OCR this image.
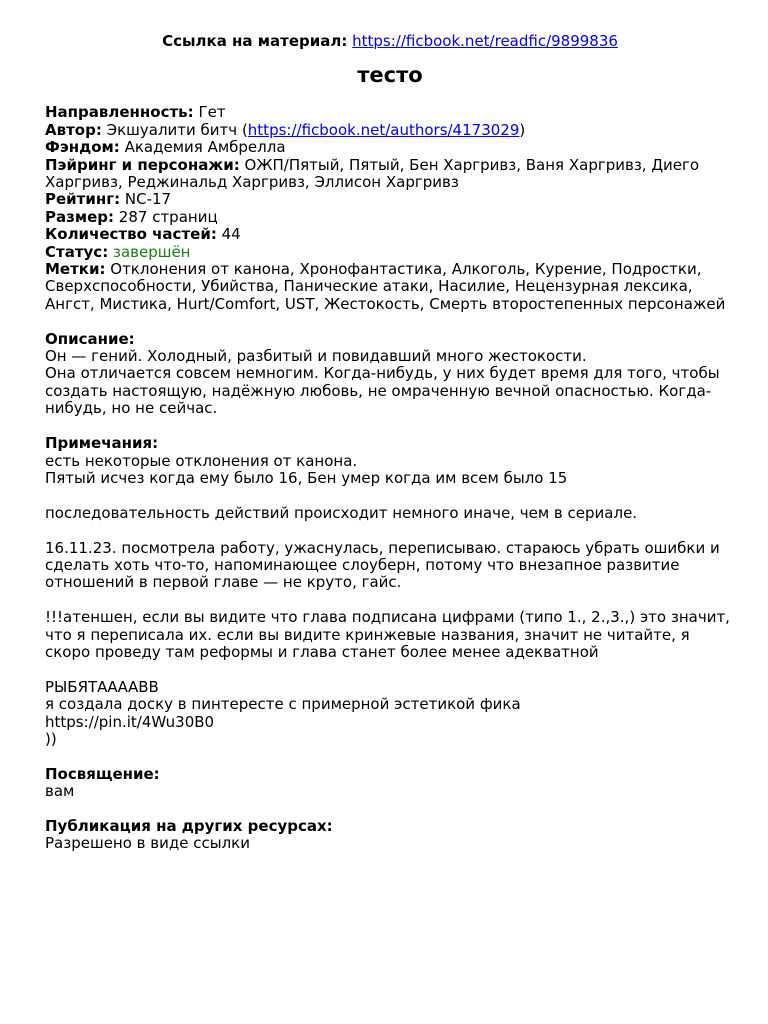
Ссылка на материал: https://ficbook.net/readfic/9899836

тесто

Направленность: Гет

Автор: Экшуалити битч (https://ficbook.net/authors/4173029)

Фэндом: Академия Амбрелла

Пэйринг и персонажи: ОЖП/Пятый, Пятый, Бен Харгривз, Ваня Харгривз, Диего Харгривз, Реджинальд Харгривз, Эллисон Харгривз

Рейтинг: NC-17

Размер: 287 страниц

Количество частей: 44

Статус: завершён

Метки: Отклонения от канона, Хронофантастика, Алкоголь, Курение, Подростки, Сверхспособности, Убийства, Панические атаки, Насилие, Нецензурная лексика, Ангст, Мистика, Hurt/Comfort, UST, Жестокость, Смерть второстепенных персонажей

Описание:

Он — гений. Холодный, разбитый и повидавший много жестокости.

Она отличается совсем немногим. Когда-нибудь, у них будет время для того, чтобы создать настоящую, надёжную любовь, не омраченную вечной опасностью. Когда-нибудь, но не сейчас.

Примечания:

есть некоторые отклонения от канона.

Пятый исчез когда ему было 16, Бен умер когда им всем было 15

последовательность действий происходит немного иначе, чем в сериале.

16.11.23. посмотрела работу, ужаснулась, переписываю. стараюсь убрать ошибки и сделать хоть что-то, напоминающее слоуберн, потому что внезапное развитие отношений в первой главе — не круто, гайс.

!!!атеншен, если вы видите что глава подписана цифрами (типо 1., 2.,3.,) это значит, что я переписала их. если вы видите кринжевые названия, значит не читайте, я скоро проведу там реформы и глава станет более менее адекватной

РЫБЯТААААВВ

я создала доску в пинтересте с примерной эстетикой фика

https://pin.it/4Wu30B0

))

Посвящение:

вам

Публикация на других ресурсах:

Разрешено в виде ссылки
